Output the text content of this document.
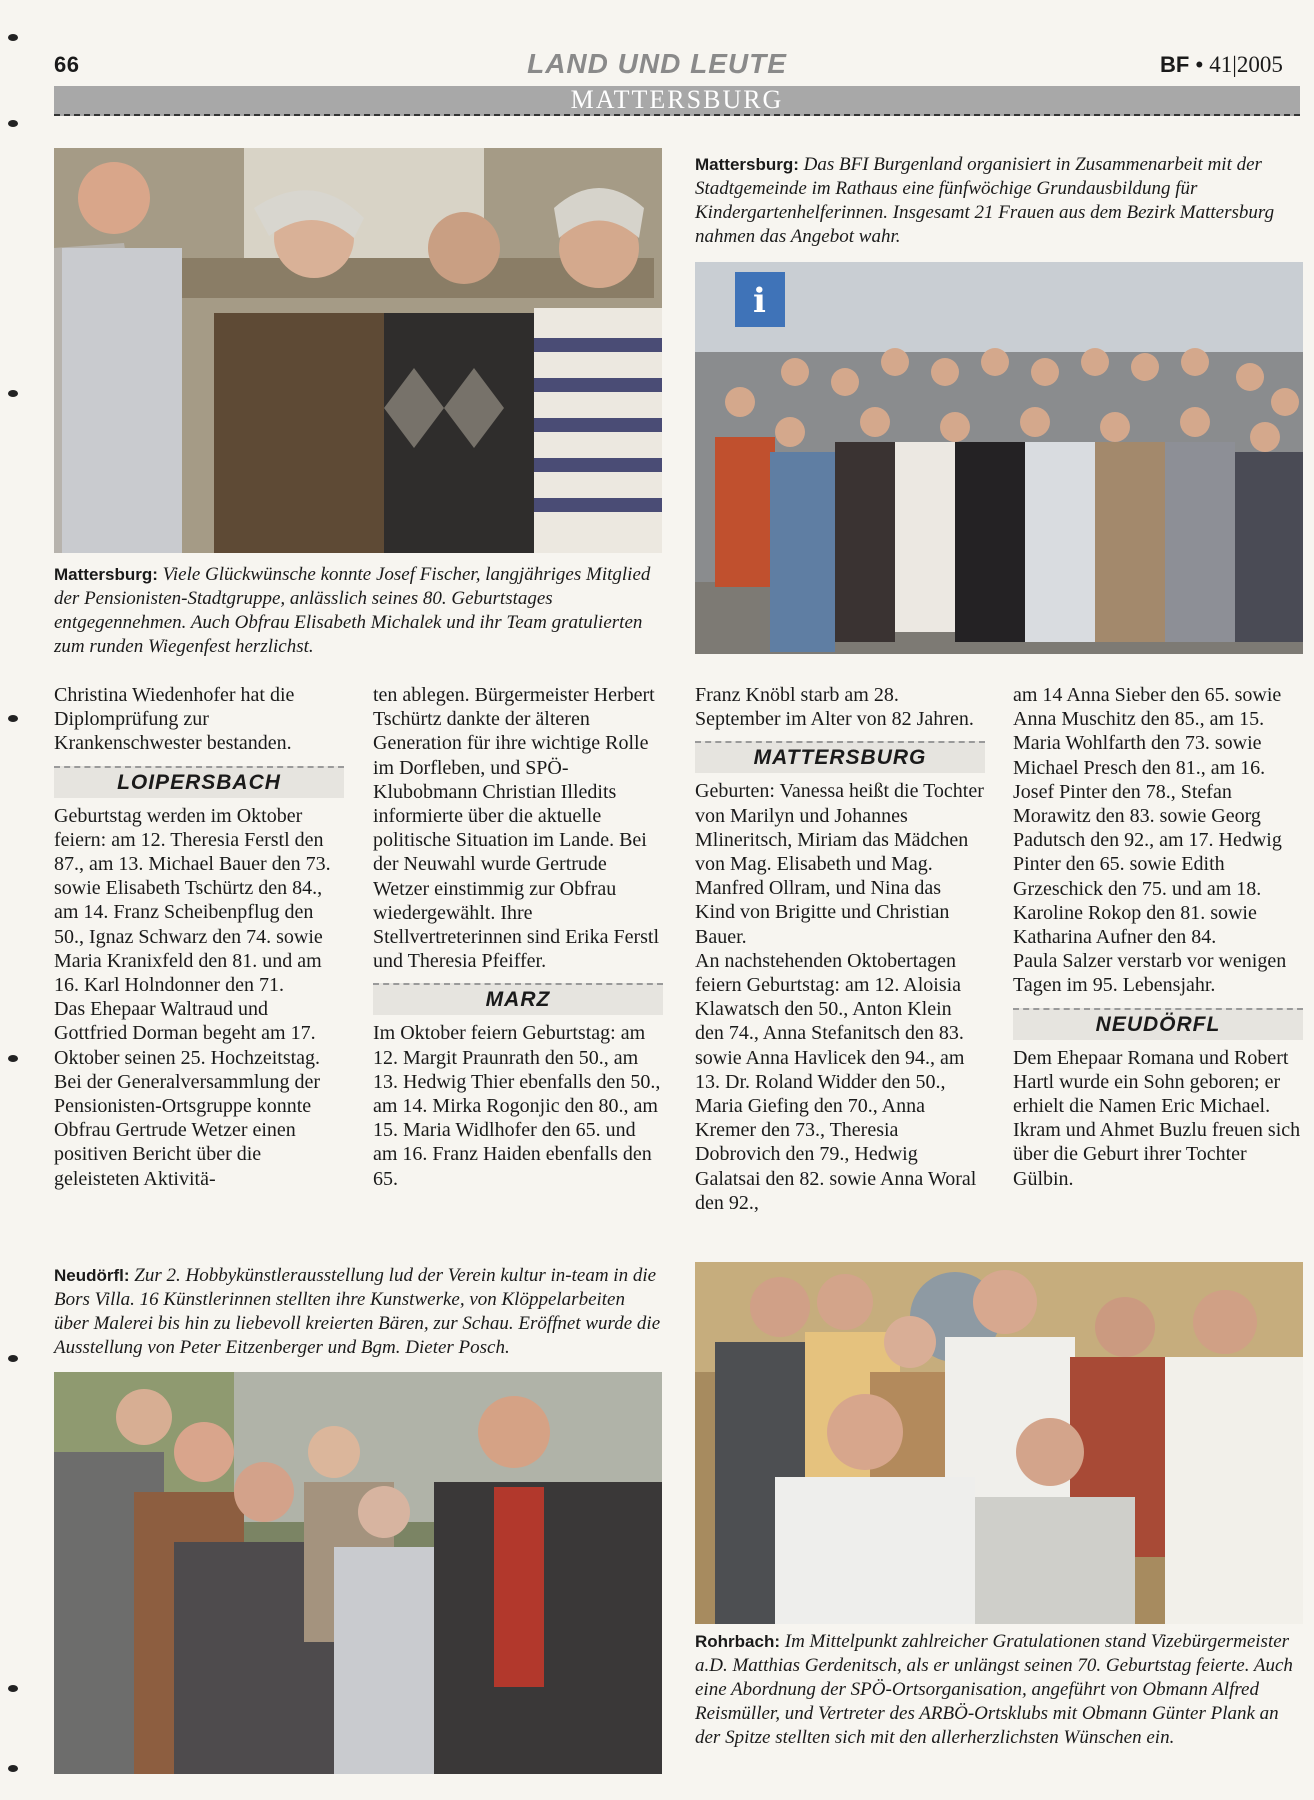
66	LAND UND LEUTE	BF • 41|2005
MATTERSBURG
i
Mattersburg: Viele Glückwünsche konnte Josef Fischer, langjähriges Mitglied der Pensionisten-Stadtgruppe, anlässlich seines 80. Geburtstages entgegennehmen. Auch Obfrau Elisabeth Michalek und ihr Team gratulierten zum runden Wiegenfest herzlichst.
Mattersburg: Das BFI Burgenland organisiert in Zusammenarbeit mit der Stadtgemeinde im Rathaus eine fünfwöchige Grundausbildung für Kindergartenhelferinnen. Insgesamt 21 Frauen aus dem Bezirk Mattersburg nahmen das Angebot wahr.

Christina Wiedenhofer hat die Diplomprüfung zur Krankenschwester bestanden.

LOIPERSBACH

Geburtstag werden im Oktober feiern: am 12. Theresia Ferstl den 87., am 13. Michael Bauer den 73. sowie Elisabeth Tschürtz den 84., am 14. Franz Scheibenpflug den 50., Ignaz Schwarz den 74. sowie Maria Kranixfeld den 81. und am 16. Karl Holndonner den 71.

Das Ehepaar Waltraud und Gottfried Dorman begeht am 17. Oktober seinen 25. Hochzeitstag.

Bei der Generalversammlung der Pensionisten-Ortsgruppe konnte Obfrau Gertrude Wetzer einen positiven Bericht über die geleisteten Aktivitä-

ten ablegen. Bürgermeister Herbert Tschürtz dankte der älteren Generation für ihre wichtige Rolle im Dorfleben, und SPÖ-Klubobmann Christian Illedits informierte über die aktuelle politische Situation im Lande. Bei der Neuwahl wurde Gertrude Wetzer einstimmig zur Obfrau wiedergewählt. Ihre Stellvertreterinnen sind Erika Ferstl und Theresia Pfeiffer.

MARZ

Im Oktober feiern Geburtstag: am 12. Margit Praunrath den 50., am 13. Hedwig Thier ebenfalls den 50., am 14. Mirka Rogonjic den 80., am 15. Maria Widlhofer den 65. und am 16. Franz Haiden ebenfalls den 65.

Franz Knöbl starb am 28. September im Alter von 82 Jahren.

MATTERSBURG

Geburten: Vanessa heißt die Tochter von Marilyn und Johannes Mlineritsch, Miriam das Mädchen von Mag. Elisabeth und Mag. Manfred Ollram, und Nina das Kind von Brigitte und Christian Bauer.

An nachstehenden Oktobertagen feiern Geburtstag: am 12. Aloisia Klawatsch den 50., Anton Klein den 74., Anna Stefanitsch den 83. sowie Anna Havlicek den 94., am 13. Dr. Roland Widder den 50., Maria Giefing den 70., Anna Kremer den 73., Theresia Dobrovich den 79., Hedwig Galatsai den 82. sowie Anna Woral den 92.,

am 14 Anna Sieber den 65. sowie Anna Muschitz den 85., am 15. Maria Wohlfarth den 73. sowie Michael Presch den 81., am 16. Josef Pinter den 78., Stefan Morawitz den 83. sowie Georg Padutsch den 92., am 17. Hedwig Pinter den 65. sowie Edith Grzeschick den 75. und am 18. Karoline Rokop den 81. sowie Katharina Aufner den 84.

Paula Salzer verstarb vor wenigen Tagen im 95. Lebensjahr.

NEUDÖRFL

Dem Ehepaar Romana und Robert Hartl wurde ein Sohn geboren; er erhielt die Namen Eric Michael. Ikram und Ahmet Buzlu freuen sich über die Geburt ihrer Tochter Gülbin.

Neudörfl: Zur 2. Hobbykünstlerausstellung lud der Verein kultur in-team in die Bors Villa. 16 Künstlerinnen stellten ihre Kunstwerke, von Klöppelarbeiten über Malerei bis hin zu liebevoll kreierten Bären, zur Schau. Eröffnet wurde die Ausstellung von Peter Eitzenberger und Bgm. Dieter Posch.
Rohrbach: Im Mittelpunkt zahlreicher Gratulationen stand Vizebürgermeister a.D. Matthias Gerdenitsch, als er unlängst seinen 70. Geburtstag feierte. Auch eine Abordnung der SPÖ-Ortsorganisation, angeführt von Obmann Alfred Reismüller, und Vertreter des ARBÖ-Ortsklubs mit Obmann Günter Plank an der Spitze stellten sich mit den allerherzlichsten Wünschen ein.
